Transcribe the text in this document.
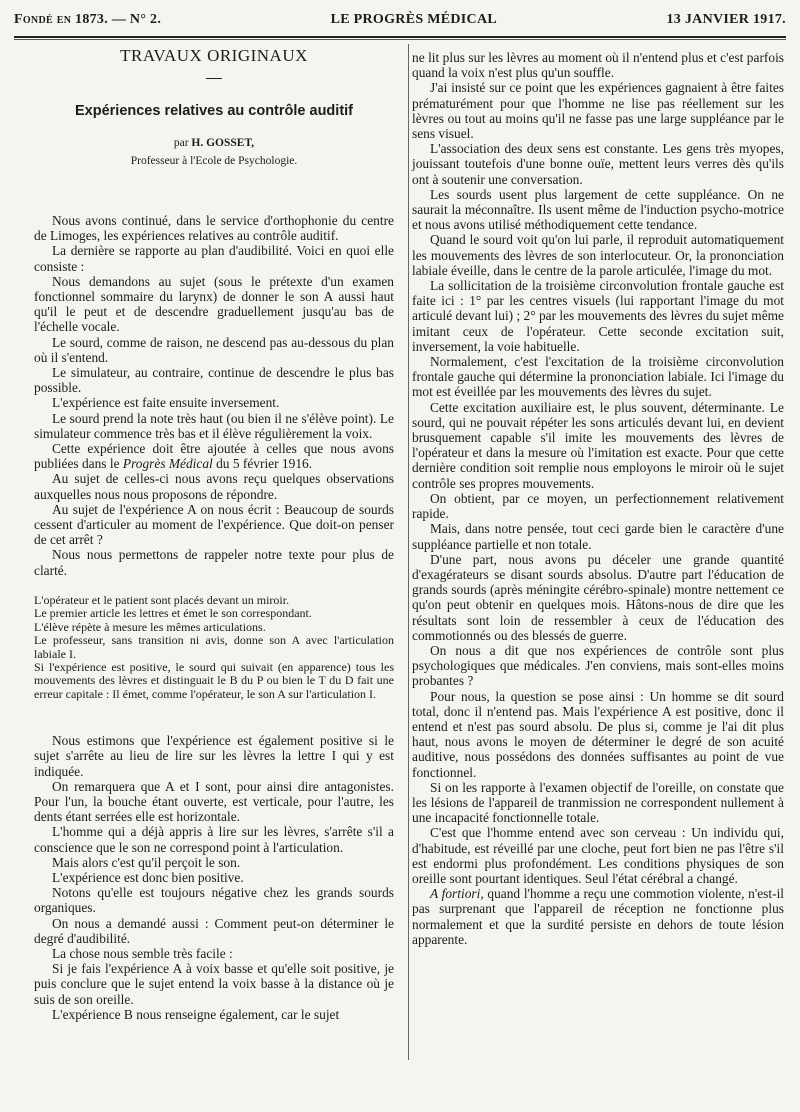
Fondé en 1873. — N° 2.	LE PROGRÈS MÉDICAL	13 JANVIER 1917.

TRAVAUX ORIGINAUX

Expériences relatives au contrôle auditif
par H. GOSSET,
Professeur à l'Ecole de Psychologie.

Nous avons continué, dans le service d'orthophonie du centre de Limoges, les expériences relatives au contrôle auditif.

La dernière se rapporte au plan d'audibilité. Voici en quoi elle consiste :

Nous demandons au sujet (sous le prétexte d'un examen fonctionnel sommaire du larynx) de donner le son A aussi haut qu'il le peut et de descendre graduellement jusqu'au bas de l'échelle vocale.

Le sourd, comme de raison, ne descend pas au-dessous du plan où il s'entend.

Le simulateur, au contraire, continue de descendre le plus bas possible.

L'expérience est faite ensuite inversement.

Le sourd prend la note très haut (ou bien il ne s'élève point). Le simulateur commence très bas et il élève régulièrement la voix.

Cette expérience doit être ajoutée à celles que nous avons publiées dans le Progrès Médical du 5 février 1916.

Au sujet de celles-ci nous avons reçu quelques observations auxquelles nous nous proposons de répondre.

Au sujet de l'expérience A on nous écrit : Beaucoup de sourds cessent d'articuler au moment de l'expérience. Que doit-on penser de cet arrêt ?

Nous nous permettons de rappeler notre texte pour plus de clarté.

L'opérateur et le patient sont placés devant un miroir.

Le premier article les lettres et émet le son correspondant.

L'élève répète à mesure les mêmes articulations.

Le professeur, sans transition ni avis, donne son A avec l'articulation labiale I.

Si l'expérience est positive, le sourd qui suivait (en apparence) tous les mouvements des lèvres et distinguait le B du P ou bien le T du D fait une erreur capitale : Il émet, comme l'opérateur, le son A sur l'articulation I.

Nous estimons que l'expérience est également positive si le sujet s'arrête au lieu de lire sur les lèvres la lettre I qui y est indiquée.

On remarquera que A et I sont, pour ainsi dire antagonistes. Pour l'un, la bouche étant ouverte, est verticale, pour l'autre, les dents étant serrées elle est horizontale.

L'homme qui a déjà appris à lire sur les lèvres, s'arrête s'il a conscience que le son ne correspond point à l'articulation.

Mais alors c'est qu'il perçoit le son.

L'expérience est donc bien positive.

Notons qu'elle est toujours négative chez les grands sourds organiques.

On nous a demandé aussi : Comment peut-on déterminer le degré d'audibilité.

La chose nous semble très facile :

Si je fais l'expérience A à voix basse et qu'elle soit positive, je puis conclure que le sujet entend la voix basse à la distance où je suis de son oreille.

L'expérience B nous renseigne également, car le sujet

ne lit plus sur les lèvres au moment où il n'entend plus et c'est parfois quand la voix n'est plus qu'un souffle.

J'ai insisté sur ce point que les expériences gagnaient à être faites prématurément pour que l'homme ne lise pas réellement sur les lèvres ou tout au moins qu'il ne fasse pas une large suppléance par le sens visuel.

L'association des deux sens est constante. Les gens très myopes, jouissant toutefois d'une bonne ouïe, mettent leurs verres dès qu'ils ont à soutenir une conversation.

Les sourds usent plus largement de cette suppléance. On ne saurait la méconnaître. Ils usent même de l'induction psycho-motrice et nous avons utilisé méthodiquement cette tendance.

Quand le sourd voit qu'on lui parle, il reproduit automatiquement les mouvements des lèvres de son interlocuteur. Or, la prononciation labiale éveille, dans le centre de la parole articulée, l'image du mot.

La sollicitation de la troisième circonvolution frontale gauche est faite ici : 1° par les centres visuels (lui rapportant l'image du mot articulé devant lui) ; 2° par les mouvements des lèvres du sujet même imitant ceux de l'opérateur. Cette seconde excitation suit, inversement, la voie habituelle.

Normalement, c'est l'excitation de la troisième circonvolution frontale gauche qui détermine la prononciation labiale. Ici l'image du mot est éveillée par les mouvements des lèvres du sujet.

Cette excitation auxiliaire est, le plus souvent, déterminante. Le sourd, qui ne pouvait répéter les sons articulés devant lui, en devient brusquement capable s'il imite les mouvements des lèvres de l'opérateur et dans la mesure où l'imitation est exacte. Pour que cette dernière condition soit remplie nous employons le miroir où le sujet contrôle ses propres mouvements.

On obtient, par ce moyen, un perfectionnement relativement rapide.

Mais, dans notre pensée, tout ceci garde bien le caractère d'une suppléance partielle et non totale.

D'une part, nous avons pu déceler une grande quantité d'exagérateurs se disant sourds absolus. D'autre part l'éducation de grands sourds (après méningite cérébro-spinale) montre nettement ce qu'on peut obtenir en quelques mois. Hâtons-nous de dire que les résultats sont loin de ressembler à ceux de l'éducation des commotionnés ou des blessés de guerre.

On nous a dit que nos expériences de contrôle sont plus psychologiques que médicales. J'en conviens, mais sont-elles moins probantes ?

Pour nous, la question se pose ainsi : Un homme se dit sourd total, donc il n'entend pas. Mais l'expérience A est positive, donc il entend et n'est pas sourd absolu. De plus si, comme je l'ai dit plus haut, nous avons le moyen de déterminer le degré de son acuité auditive, nous possédons des données suffisantes au point de vue fonctionnel.

Si on les rapporte à l'examen objectif de l'oreille, on constate que les lésions de l'appareil de tranmission ne correspondent nullement à une incapacité fonctionnelle totale.

C'est que l'homme entend avec son cerveau : Un individu qui, d'habitude, est réveillé par une cloche, peut fort bien ne pas l'être s'il est endormi plus profondément. Les conditions physiques de son oreille sont pourtant identiques. Seul l'état cérébral a changé.

A fortiori, quand l'homme a reçu une commotion violente, n'est-il pas surprenant que l'appareil de réception ne fonctionne plus normalement et que la surdité persiste en dehors de toute lésion apparente.
